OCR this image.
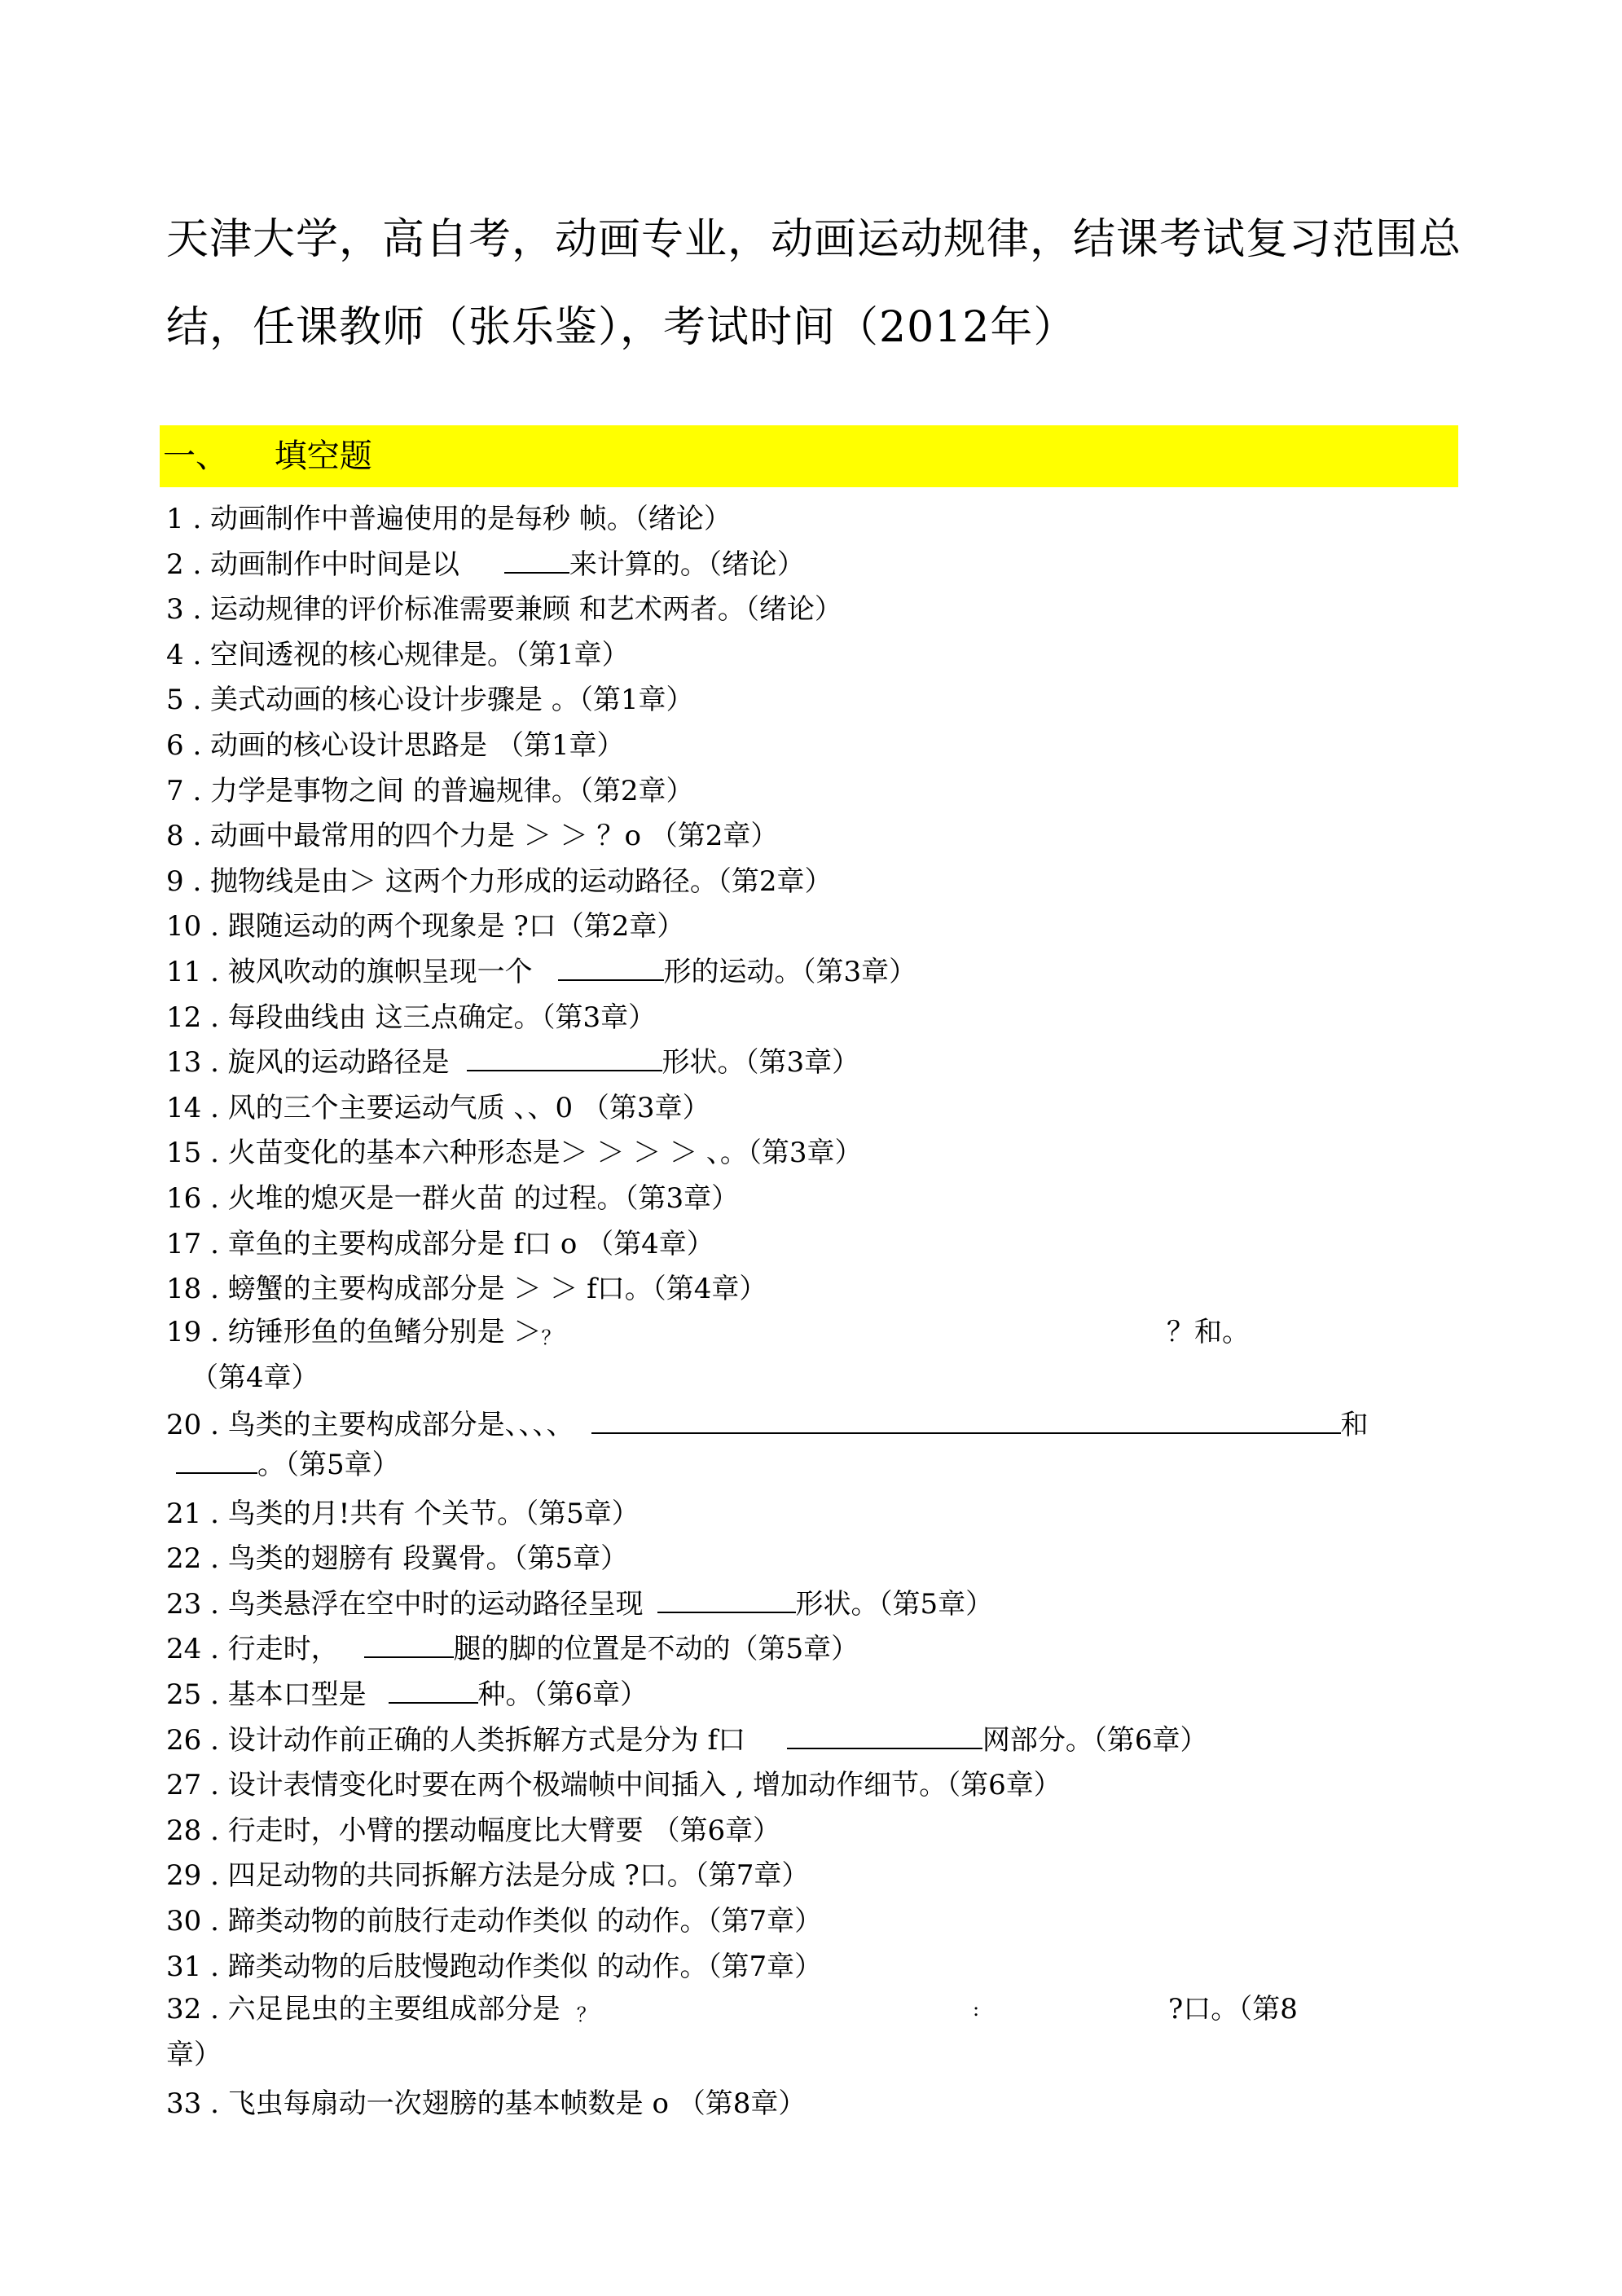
天津大学，高自考，动画专业，动画运动规律，结课考试复习范围总结，任课教师（张乐鉴），考试时间（2012年）
一、 填空题
1 . 动画制作中普遍使用的是每秒 帧。（绪论）
2 . 动画制作中时间是以	来计算的。（绪论）
3 . 运动规律的评价标准需要兼顾 和艺术两者。（绪论）
4 . 空间透视的核心规律是。（第1章）
5 . 美式动画的核心设计步骤是 。（第1章）
6 . 动画的核心设计思路是 （第1章）
7 . 力学是事物之间 的普遍规律。（第2章）
8 . 动画中最常用的四个力是 ＞ ＞ ？o （第2章）
9 . 抛物线是由＞ 这两个力形成的运动路径。（第2章）
10 . 跟随运动的两个现象是 ?口（第2章）
11 . 被风吹动的旗帜呈现一个	形的运动。（第3章）
12 . 每段曲线由 这三点确定。（第3章）
13 . 旋风的运动路径是	形状。（第3章）
14 . 风的三个主要运动气质 、、0 （第3章）
15 . 火苗变化的基本六种形态是＞ ＞ ＞ ＞ 、。（第3章）
16 . 火堆的熄灭是一群火苗 的过程。（第3章）
17 . 章鱼的主要构成部分是 f口 o （第4章）
18 . 螃蟹的主要构成部分是 ＞ ＞ f口。（第4章）
19 . 纺锤形鱼的鱼鳍分别是 ＞？	？和。
（第4章）
20 . 鸟类的主要构成部分是、、、、	和
。（第5章）
21 . 鸟类的月!共有 个关节。（第5章）
22 . 鸟类的翅膀有 段翼骨。（第5章）
23 . 鸟类悬浮在空中时的运动路径呈现	形状。（第5章）
24 . 行走时，	腿的脚的位置是不动的（第5章）
25 . 基本口型是	种。（第6章）
26 . 设计动作前正确的人类拆解方式是分为 f口	网部分。（第6章）
27 . 设计表情变化时要在两个极端帧中间插入 , 增加动作细节。（第6章）
28 . 行走时，小臂的摆动幅度比大臂要 （第6章）
29 . 四足动物的共同拆解方法是分成 ?口。（第7章）
30 . 蹄类动物的前肢行走动作类似 的动作。（第7章）
31 . 蹄类动物的后肢慢跑动作类似 的动作。（第7章）
32 . 六足昆虫的主要组成部分是 ？	:	?口。（第8
章）
33 . 飞虫每扇动一次翅膀的基本帧数是 o （第8章）
